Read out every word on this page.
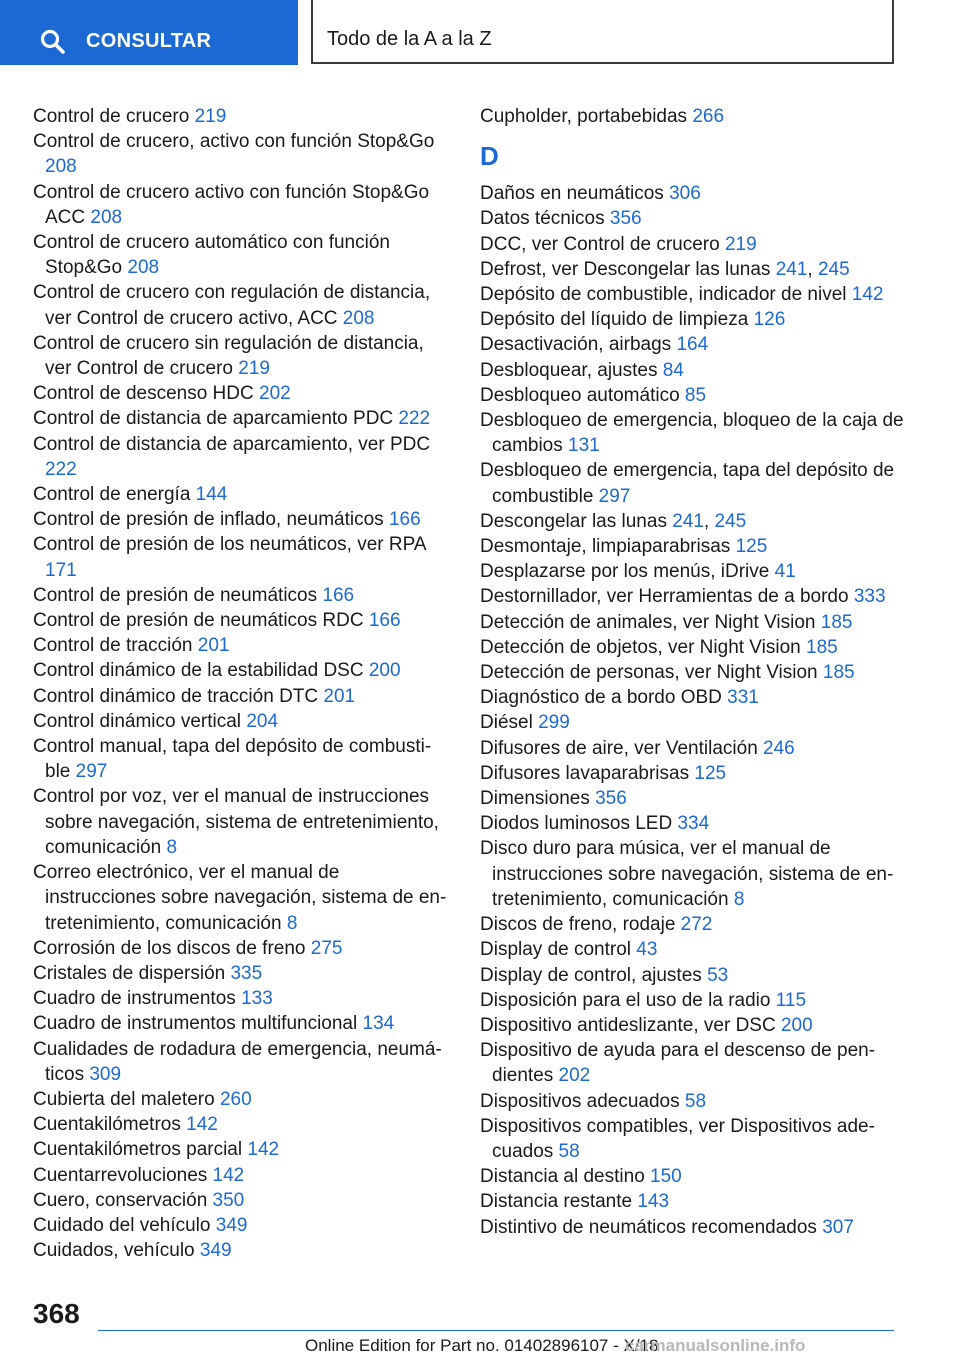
CONSULTAR	Todo de la A a la Z

Control de crucero 219

Control de crucero, activo con función Stop&Go 208

Control de crucero activo con función Stop&Go ACC 208

Control de crucero automático con función Stop&Go 208

Control de crucero con regulación de distancia, ver Control de crucero activo, ACC 208

Control de crucero sin regulación de distancia, ver Control de crucero 219

Control de descenso HDC 202

Control de distancia de aparcamiento PDC 222

Control de distancia de aparcamiento, ver PDC 222

Control de energía 144

Control de presión de inflado, neumáticos 166

Control de presión de los neumáticos, ver RPA 171

Control de presión de neumáticos 166

Control de presión de neumáticos RDC 166

Control de tracción 201

Control dinámico de la estabilidad DSC 200

Control dinámico de tracción DTC 201

Control dinámico vertical 204

Control manual, tapa del depósito de combusti-ble 297

Control por voz, ver el manual de instrucciones sobre navegación, sistema de entretenimiento, comunicación 8

Correo electrónico, ver el manual de instrucciones sobre navegación, sistema de en-tretenimiento, comunicación 8

Corrosión de los discos de freno 275

Cristales de dispersión 335

Cuadro de instrumentos 133

Cuadro de instrumentos multifuncional 134

Cualidades de rodadura de emergencia, neumá-ticos 309

Cubierta del maletero 260

Cuentakilómetros 142

Cuentakilómetros parcial 142

Cuentarrevoluciones 142

Cuero, conservación 350

Cuidado del vehículo 349

Cuidados, vehículo 349

Cupholder, portabebidas 266

D

Daños en neumáticos 306

Datos técnicos 356

DCC, ver Control de crucero 219

Defrost, ver Descongelar las lunas 241, 245

Depósito de combustible, indicador de nivel 142

Depósito del líquido de limpieza 126

Desactivación, airbags 164

Desbloquear, ajustes 84

Desbloqueo automático 85

Desbloqueo de emergencia, bloqueo de la caja de cambios 131

Desbloqueo de emergencia, tapa del depósito de combustible 297

Descongelar las lunas 241, 245

Desmontaje, limpiaparabrisas 125

Desplazarse por los menús, iDrive 41

Destornillador, ver Herramientas de a bordo 333

Detección de animales, ver Night Vision 185

Detección de objetos, ver Night Vision 185

Detección de personas, ver Night Vision 185

Diagnóstico de a bordo OBD 331

Diésel 299

Difusores de aire, ver Ventilación 246

Difusores lavaparabrisas 125

Dimensiones 356

Diodos luminosos LED 334

Disco duro para música, ver el manual de instrucciones sobre navegación, sistema de en-tretenimiento, comunicación 8

Discos de freno, rodaje 272

Display de control 43

Display de control, ajustes 53

Disposición para el uso de la radio 115

Dispositivo antideslizante, ver DSC 200

Dispositivo de ayuda para el descenso de pen-dientes 202

Dispositivos adecuados 58

Dispositivos compatibles, ver Dispositivos ade-cuados 58

Distancia al destino 150

Distancia restante 143

Distintivo de neumáticos recomendados 307

368
Online Edition for Part no. 01402896107 - X/18
carmanualsonline.info
